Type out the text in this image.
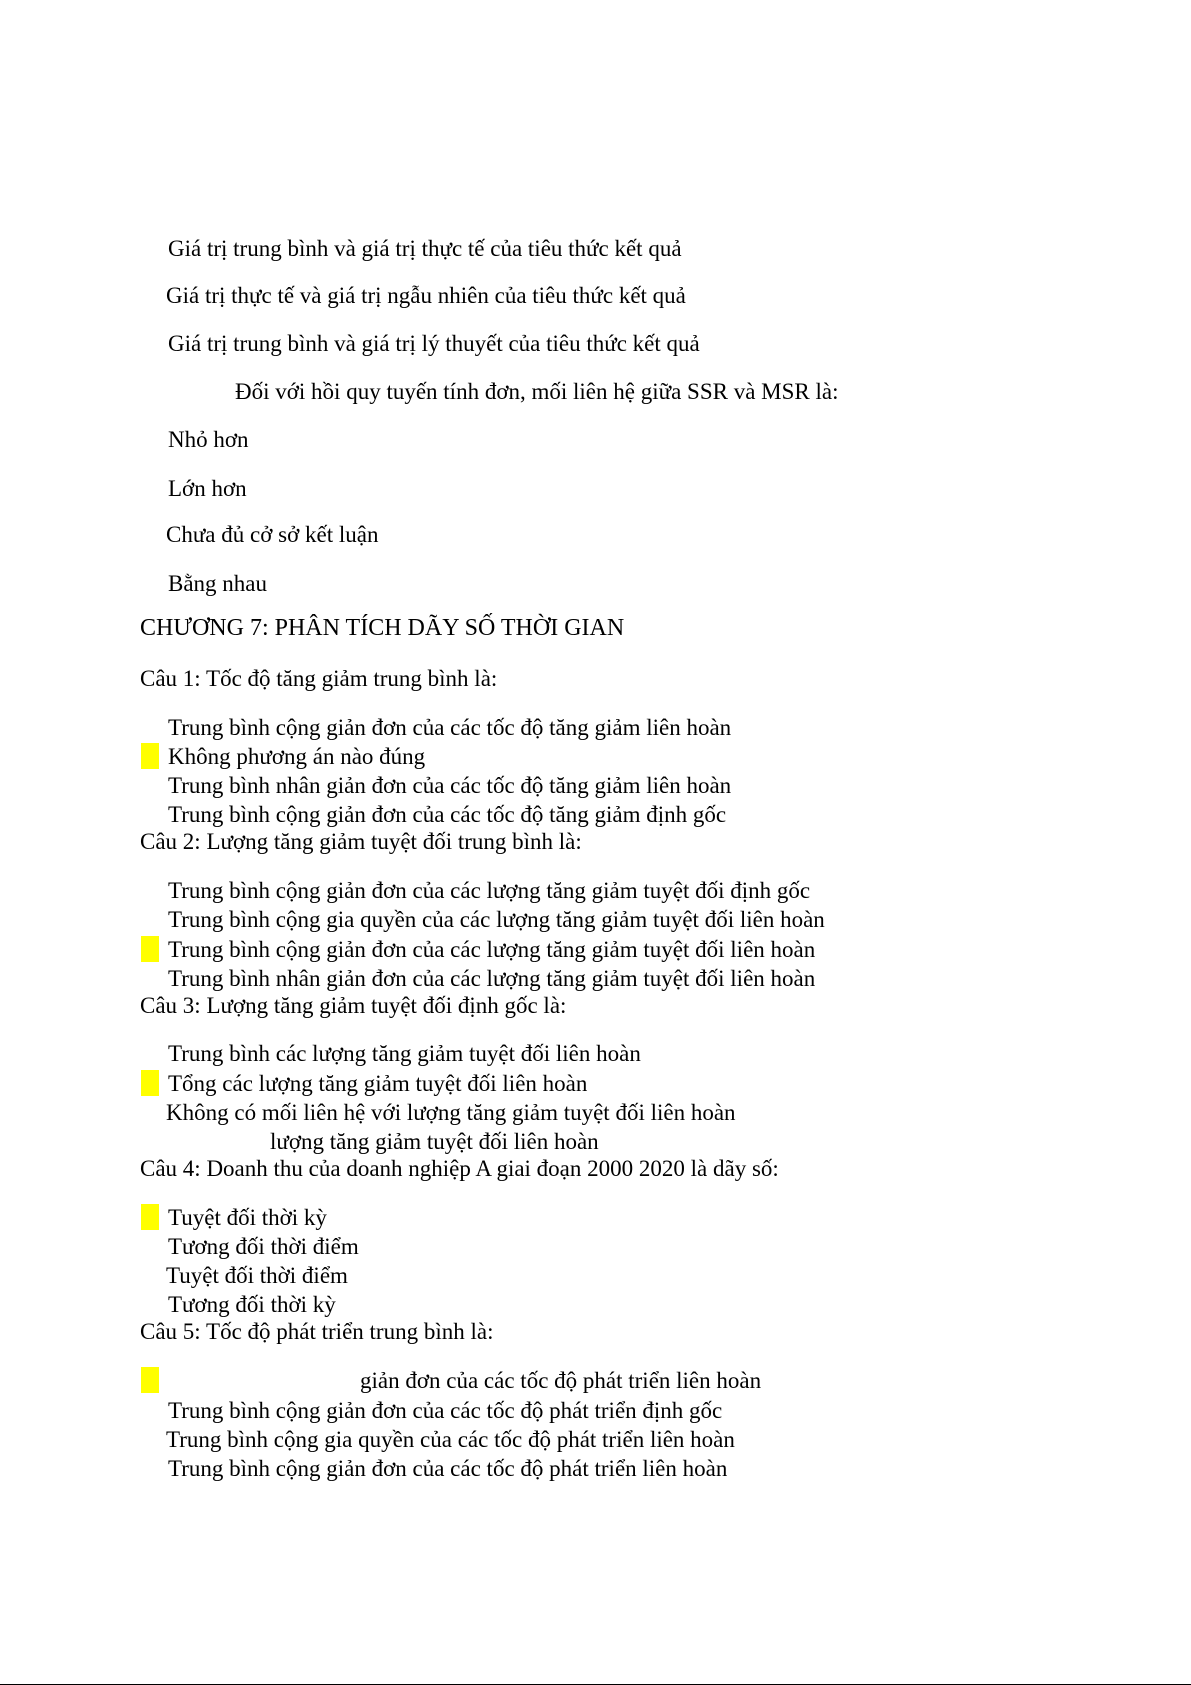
Giá trị trung bình và giá trị thực tế của tiêu thức kết quả
Giá trị thực tế và giá trị ngẫu nhiên của tiêu thức kết quả
Giá trị trung bình và giá trị lý thuyết của tiêu thức kết quả
Đối với hồi quy tuyến tính đơn, mối liên hệ giữa SSR và MSR là:
Nhỏ hơn
Lớn hơn
Chưa đủ cở sở kết luận
Bằng nhau
CHƯƠNG 7: PHÂN TÍCH DÃY SỐ THỜI GIAN
Câu 1: Tốc độ tăng giảm trung bình là:
Trung bình cộng giản đơn của các tốc độ tăng giảm liên hoàn
Không phương án nào đúng
Trung bình nhân giản đơn của các tốc độ tăng giảm liên hoàn
Trung bình cộng giản đơn của các tốc độ tăng giảm định gốc
Câu 2: Lượng tăng giảm tuyệt đối trung bình là:
Trung bình cộng giản đơn của các lượng tăng giảm tuyệt đối định gốc
Trung bình cộng gia quyền của các lượng tăng giảm tuyệt đối liên hoàn
Trung bình cộng giản đơn của các lượng tăng giảm tuyệt đối liên hoàn
Trung bình nhân giản đơn của các lượng tăng giảm tuyệt đối liên hoàn
Câu 3: Lượng tăng giảm tuyệt đối định gốc là:
Trung bình các lượng tăng giảm tuyệt đối liên hoàn
Tổng các lượng tăng giảm tuyệt đối liên hoàn
Không có mối liên hệ với lượng tăng giảm tuyệt đối liên hoàn
lượng tăng giảm tuyệt đối liên hoàn
Câu 4: Doanh thu của doanh nghiệp A giai đoạn 2000 2020 là dãy số:
Tuyệt đối thời kỳ
Tương đối thời điểm
Tuyệt đối thời điểm
Tương đối thời kỳ
Câu 5: Tốc độ phát triển trung bình là:
giản đơn của các tốc độ phát triển liên hoàn
Trung bình cộng giản đơn của các tốc độ phát triển định gốc
Trung bình cộng gia quyền của các tốc độ phát triển liên hoàn
Trung bình cộng giản đơn của các tốc độ phát triển liên hoàn
